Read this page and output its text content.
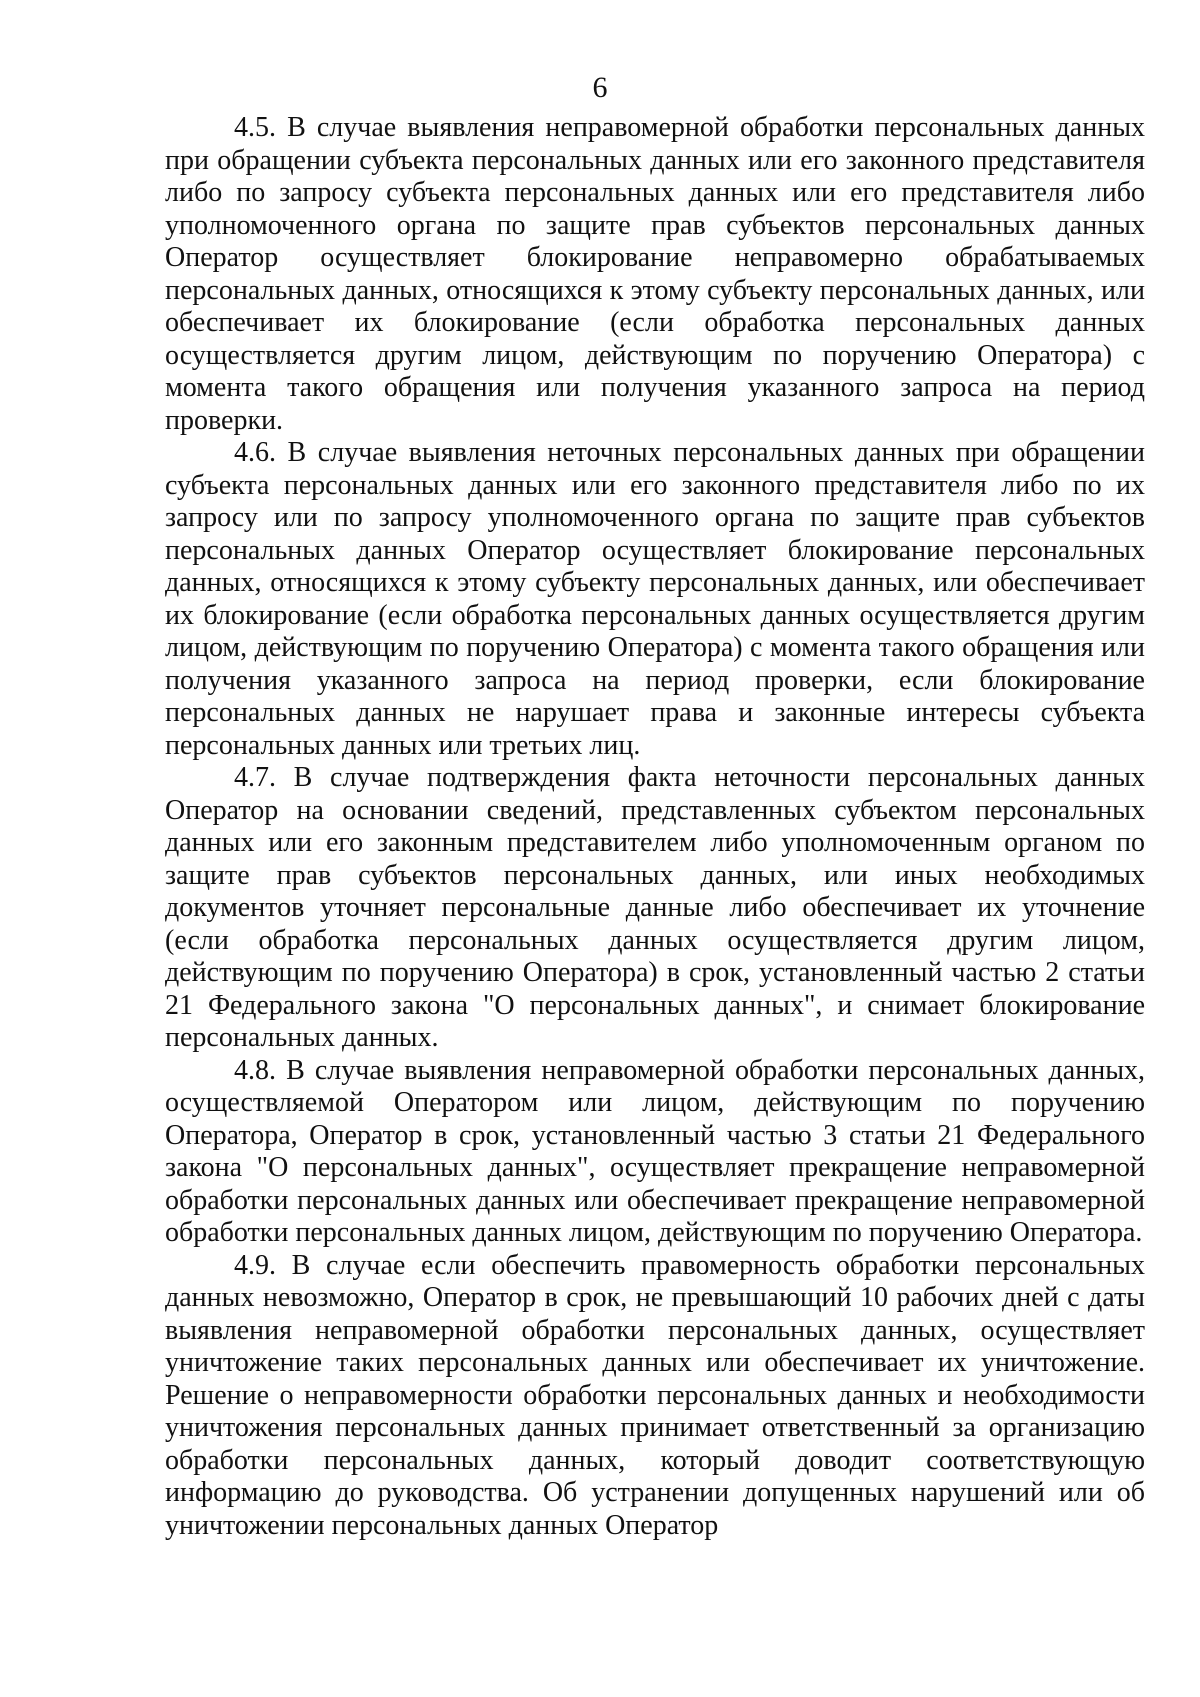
6

4.5. В случае выявления неправомерной обработки персональных данных при обращении субъекта персональных данных или его законного представителя либо по запросу субъекта персональных данных или его представителя либо уполномоченного органа по защите прав субъектов персональных данных Оператор осуществляет блокирование неправомерно обрабатываемых персональных данных, относящихся к этому субъекту персональных данных, или обеспечивает их блокирование (если обработка персональных данных осуществляется другим лицом, действующим по поручению Оператора) с момента такого обращения или получения указанного запроса на период проверки.

4.6. В случае выявления неточных персональных данных при обращении субъекта персональных данных или его законного представителя либо по их запросу или по запросу уполномоченного органа по защите прав субъектов персональных данных Оператор осуществляет блокирование персональных данных, относящихся к этому субъекту персональных данных, или обеспечивает их блокирование (если обработка персональных данных осуществляется другим лицом, действующим по поручению Оператора) с момента такого обращения или получения указанного запроса на период проверки, если блокирование персональных данных не нарушает права и законные интересы субъекта персональных данных или третьих лиц.

4.7. В случае подтверждения факта неточности персональных данных Оператор на основании сведений, представленных субъектом персональных данных или его законным представителем либо уполномоченным органом по защите прав субъектов персональных данных, или иных необходимых документов уточняет персональные данные либо обеспечивает их уточнение (если обработка персональных данных осуществляется другим лицом, действующим по поручению Оператора) в срок, установленный частью 2 статьи 21 Федерального закона "О персональных данных", и снимает блокирование персональных данных.

4.8. В случае выявления неправомерной обработки персональных данных, осуществляемой Оператором или лицом, действующим по поручению Оператора, Оператор в срок, установленный частью 3 статьи 21 Федерального закона "О персональных данных", осуществляет прекращение неправомерной обработки персональных данных или обеспечивает прекращение неправомерной обработки персональных данных лицом, действующим по поручению Оператора.

4.9. В случае если обеспечить правомерность обработки персональных данных невозможно, Оператор в срок, не превышающий 10 рабочих дней с даты выявления неправомерной обработки персональных данных, осуществляет уничтожение таких персональных данных или обеспечивает их уничтожение. Решение о неправомерности обработки персональных данных и необходимости уничтожения персональных данных принимает ответственный за организацию обработки персональных данных, который доводит соответствующую информацию до руководства. Об устранении допущенных нарушений или об уничтожении персональных данных Оператор
